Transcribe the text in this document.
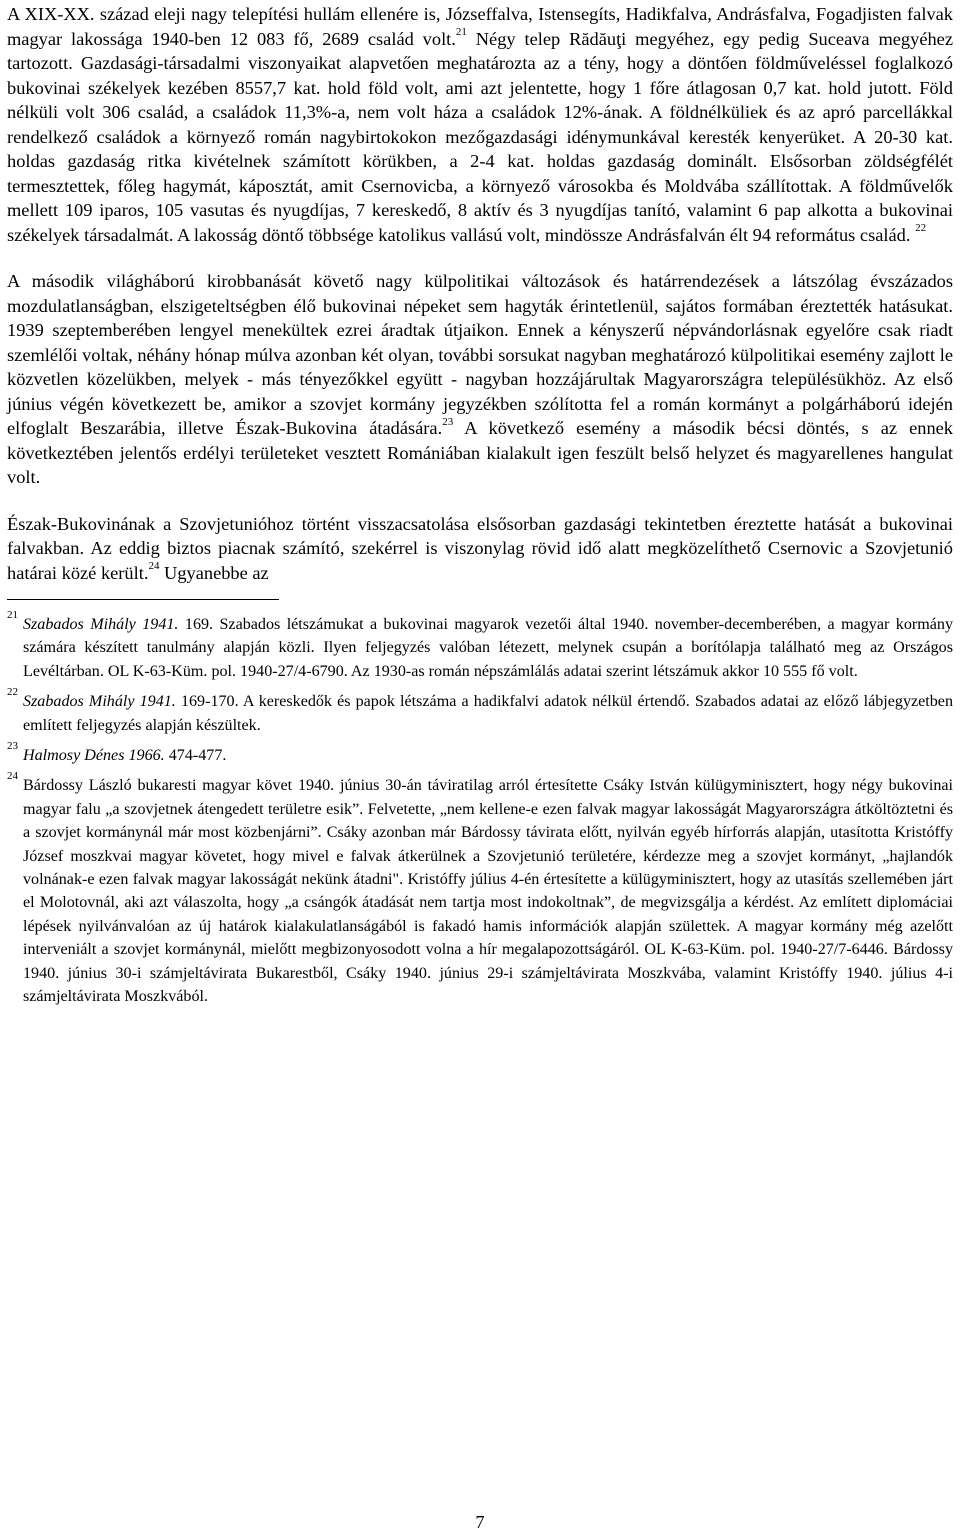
A XIX-XX. század eleji nagy telepítési hullám ellenére is, Józseffalva, Istensegíts, Hadikfalva, Andrásfalva, Fogadjisten falvak magyar lakossága 1940-ben 12 083 fő, 2689 család volt.$^{21}$ Négy telep Rădăuţi megyéhez, egy pedig Suceava megyéhez tartozott. Gazdasági-társadalmi viszonyaikat alapvetően meghatározta az a tény, hogy a döntően földműveléssel foglalkozó bukovinai székelyek kezében 8557,7 kat. hold föld volt, ami azt jelentette, hogy 1 főre átlagosan 0,7 kat. hold jutott. Föld nélküli volt 306 család, a családok 11,3%-a, nem volt háza a családok 12%-ának. A földnélküliek és az apró parcellákkal rendelkező családok a környező román nagybirtokokon mezőgazdasági idénymunkával keresték kenyerüket. A 20-30 kat. holdas gazdaság ritka kivételnek számított körükben, a 2-4 kat. holdas gazdaság dominált. Elsősorban zöldségfélét termesztettek, főleg hagymát, káposztát, amit Csernovicba, a környező városokba és Moldvába szállítottak. A földművelők mellett 109 iparos, 105 vasutas és nyugdíjas, 7 kereskedő, 8 aktív és 3 nyugdíjas tanító, valamint 6 pap alkotta a bukovinai székelyek társadalmát. A lakosság döntő többsége katolikus vallású volt, mindössze Andrásfalván élt 94 református család. $^{22}$

A második világháború kirobbanását követő nagy külpolitikai változások és határrendezések a látszólag évszázados mozdulatlanságban, elszigeteltségben élő bukovinai népeket sem hagyták érintetlenül, sajátos formában éreztették hatásukat. 1939 szeptemberében lengyel menekültek ezrei áradtak útjaikon. Ennek a kényszerű népvándorlásnak egyelőre csak riadt szemlélői voltak, néhány hónap múlva azonban két olyan, további sorsukat nagyban meghatározó külpolitikai esemény zajlott le közvetlen közelükben, melyek - más tényezőkkel együtt - nagyban hozzájárultak Magyarországra településükhöz. Az első június végén következett be, amikor a szovjet kormány jegyzékben szólította fel a román kormányt a polgárháború idején elfoglalt Beszarábia, illetve Észak-Bukovina átadására.$^{23}$ A következő esemény a második bécsi döntés, s az ennek következtében jelentős erdélyi területeket vesztett Romániában kialakult igen feszült belső helyzet és magyarellenes hangulat volt.

Észak-Bukovinának a Szovjetunióhoz történt visszacsatolása elsősorban gazdasági tekintetben éreztette hatását a bukovinai falvakban. Az eddig biztos piacnak számító, szekérrel is viszonylag rövid idő alatt megközelíthető Csernovic a Szovjetunió határai közé került.$^{24}$ Ugyanebbe az

21
Szabados Mihály 1941. 169. Szabados létszámukat a bukovinai magyarok vezetői által 1940. november-decemberében, a magyar kormány számára készített tanulmány alapján közli. Ilyen feljegyzés valóban létezett, melynek csupán a borítólapja található meg az Országos Levéltárban. OL K-63-Küm. pol. 1940-27/4-6790. Az 1930-as román népszámlálás adatai szerint létszámuk akkor 10 555 fő volt.

22
Szabados Mihály 1941. 169-170. A kereskedők és papok létszáma a hadikfalvi adatok nélkül értendő. Szabados adatai az előző lábjegyzetben említett feljegyzés alapján készültek.

23
Halmosy Dénes 1966. 474-477.

24
Bárdossy László bukaresti magyar követ 1940. június 30-án táviratilag arról értesítette Csáky István külügyminisztert, hogy négy bukovinai magyar falu „a szovjetnek átengedett területre esik”. Felvetette, „nem kellene-e ezen falvak magyar lakosságát Magyarországra átköltöztetni és a szovjet kormánynál már most közbenjárni”. Csáky azonban már Bárdossy távirata előtt, nyilván egyéb hírforrás alapján, utasította Kristóffy József moszkvai magyar követet, hogy mivel e falvak átkerülnek a Szovjetunió területére, kérdezze meg a szovjet kormányt, „hajlandók volnának-e ezen falvak magyar lakosságát nekünk átadni". Kristóffy július 4-én értesítette a külügyminisztert, hogy az utasítás szellemében járt el Molotovnál, aki azt válaszolta, hogy „a csángók átadását nem tartja most indokoltnak”, de megvizsgálja a kérdést. Az említett diplomáciai lépések nyilvánvalóan az új határok kialakulatlanságából is fakadó hamis információk alapján születtek. A magyar kormány még azelőtt interveniált a szovjet kormánynál, mielőtt megbizonyosodott volna a hír megalapozottságáról. OL K-63-Küm. pol. 1940-27/7-6446. Bárdossy 1940. június 30-i számjeltávirata Bukarestből, Csáky 1940. június 29-i számjeltávirata Moszkvába, valamint Kristóffy 1940. július 4-i számjeltávirata Moszkvából.

7
